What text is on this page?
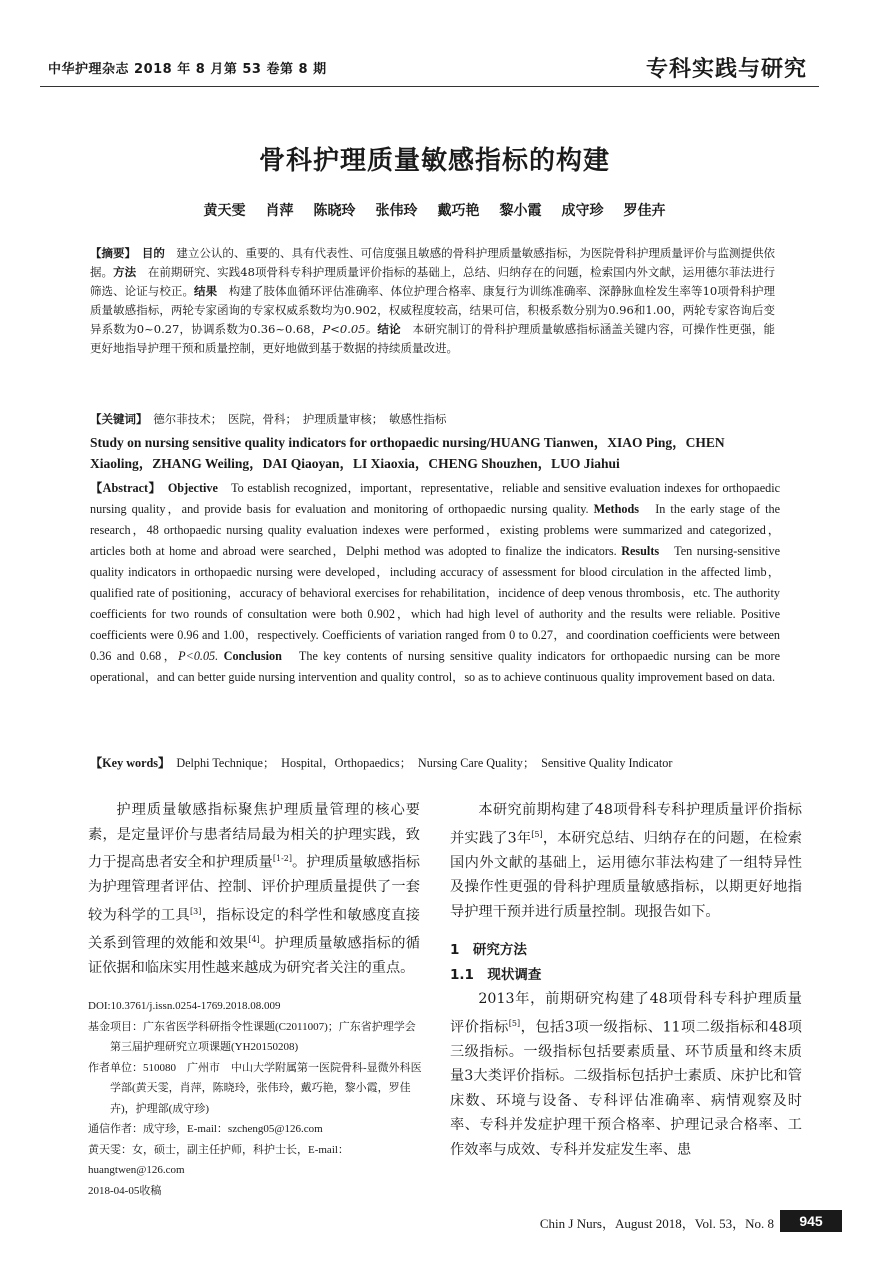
中华护理杂志 2018 年 8 月第 53 卷第 8 期	专科实践与研究
骨科护理质量敏感指标的构建
黄天雯 肖萍 陈晓玲 张伟玲 戴巧艳 黎小霞 成守珍 罗佳卉
【摘要】　 目的　 建立公认的、重要的、具有代表性、可信度强且敏感的骨科护理质量敏感指标，为医院骨科护理质量评价与监测提供依据。方法　 在前期研究、实践48项骨科专科护理质量评价指标的基础上，总结、归纳存在的问题，检索国内外文献，运用德尔菲法进行筛选、论证与校正。结果　 构建了肢体血循环评估准确率、体位护理合格率、康复行为训练准确率、深静脉血栓发生率等10项骨科护理质量敏感指标，两轮专家函询的专家权威系数均为0.902，权威程度较高，结果可信，积极系数分别为0.96和1.00，两轮专家咨询后变异系数为0~0.27，协调系数为0.36~0.68，P<0.05。结论　 本研究制订的骨科护理质量敏感指标涵盖关键内容，可操作性更强，能更好地指导护理干预和质量控制，更好地做到基于数据的持续质量改进。
【关键词】　 德尔菲技术；　医院，骨科；　护理质量审核；　敏感性指标
Study on nursing sensitive quality indicators for orthopaedic nursing/HUANG Tianwen，XIAO Ping，CHEN Xiaoling，ZHANG Weiling，DAI Qiaoyan，LI Xiaoxia，CHENG Shouzhen，LUO Jiahui
【Abstract】　 Objective　 To establish recognized，important，representative，reliable and sensitive evaluation indexes for orthopaedic nursing quality，and provide basis for evaluation and monitoring of orthopaedic nursing quality. Methods　 In the early stage of the research，48 orthopaedic nursing quality evaluation indexes were performed，existing problems were summarized and categorized，articles both at home and abroad were searched，Delphi method was adopted to finalize the indicators. Results　 Ten nursing-sensitive quality indicators in orthopaedic nursing were developed，including accuracy of assessment for blood circulation in the affected limb，qualified rate of positioning，accuracy of behavioral exercises for rehabilitation，incidence of deep venous thrombosis，etc. The authority coefficients for two rounds of consultation were both 0.902，which had high level of authority and the results were reliable. Positive coefficients were 0.96 and 1.00，respectively. Coefficients of variation ranged from 0 to 0.27，and coordination coefficients were between 0.36 and 0.68，P<0.05. Conclusion　 The key contents of nursing sensitive quality indicators for orthopaedic nursing can be more operational，and can better guide nursing intervention and quality control，so as to achieve continuous quality improvement based on data.
【Key words】　 Delphi Technique；　Hospital，Orthopaedics；　Nursing Care Quality；　Sensitive Quality Indicator

护理质量敏感指标聚焦护理质量管理的核心要素，是定量评价与患者结局最为相关的护理实践，致力于提高患者安全和护理质量[1-2]。护理质量敏感指标为护理管理者评估、控制、评价护理质量提供了一套较为科学的工具[3]，指标设定的科学性和敏感度直接关系到管理的效能和效果[4]。护理质量敏感指标的循证依据和临床实用性越来越成为研究者关注的重点。

本研究前期构建了48项骨科专科护理质量评价指标并实践了3年[5]，本研究总结、归纳存在的问题，在检索国内外文献的基础上，运用德尔菲法构建了一组特异性及操作性更强的骨科护理质量敏感指标，以期更好地指导护理干预并进行质量控制。现报告如下。

1　研究方法

1.1　现状调查

2013年，前期研究构建了48项骨科专科护理质量评价指标[5]，包括3项一级指标、11项二级指标和48项三级指标。一级指标包括要素质量、环节质量和终末质量3大类评价指标。二级指标包括护士素质、床护比和管床数、环境与设备、专科评估准确率、病情观察及时率、专科并发症护理干预合格率、护理记录合格率、工作效率与成效、专科并发症发生率、患

DOI:10.3761/j.issn.0254-1769.2018.08.009
基金项目：广东省医学科研指令性课题(C2011007)；广东省护理学会第三届护理研究立项课题(YH20150208)
作者单位：510080　广州市　中山大学附属第一医院骨科-显微外科医学部(黄天雯，肖萍，陈晓玲，张伟玲，戴巧艳，黎小霞，罗佳卉)，护理部(成守珍)
通信作者：成守珍，E-mail：szcheng05@126.com
黄天雯：女，硕士，副主任护师，科护士长，E-mail：huangtwen@126.com
2018-04-05收稿
Chin J Nurs，August 2018，Vol. 53，No. 8	945
